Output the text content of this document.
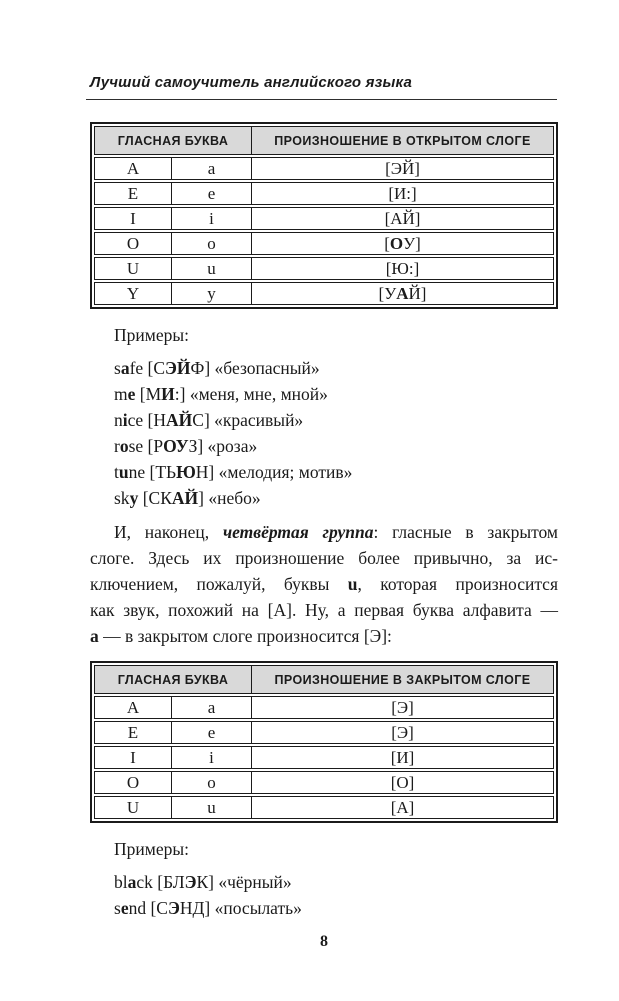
Лучший самоучитель английского языка
ГЛАСНАЯ БУКВА		ПРОИЗНОШЕНИЕ В ОТКРЫТОМ СЛОГЕ
A	a	[ЭЙ]
E	e	[И:]
I	i	[АЙ]
O	o	[ОУ]
U	u	[Ю:]
Y	y	[УАЙ]
Примеры:
safe [СЭЙФ] «безопасный»
me [МИ:] «меня, мне, мной»
nice [НАЙС] «красивый»
rose [РОУЗ] «роза»
tune [ТЬЮН] «мелодия; мотив»
sky [СКАЙ] «небо»
И, наконец, четвёртая группа: гласные в закрытом
слоге. Здесь их произношение более привычно, за ис-
ключением, пожалуй, буквы u, которая произносится
как звук, похожий на [А]. Ну, а первая буква алфавита —
a — в закрытом слоге произносится [Э]:
ГЛАСНАЯ БУКВА		ПРОИЗНОШЕНИЕ В ЗАКРЫТОМ СЛОГЕ
A	a	[Э]
E	e	[Э]
I	i	[И]
O	o	[О]
U	u	[А]
Примеры:
black [БЛЭК] «чёрный»
send [СЭНД] «посылать»
8
